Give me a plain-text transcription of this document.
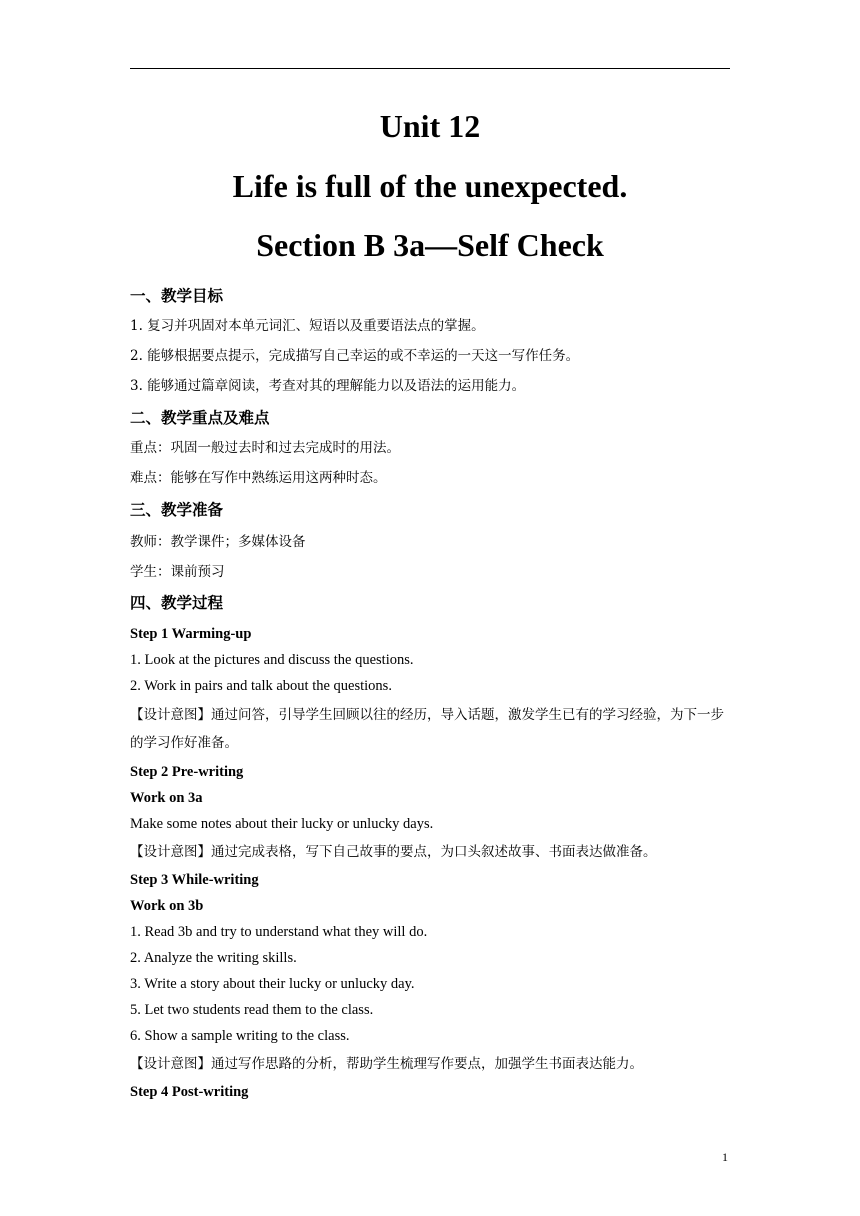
Unit 12
Life is full of the unexpected.
Section B 3a—Self Check
一、教学目标
1. 复习并巩固对本单元词汇、短语以及重要语法点的掌握。
2. 能够根据要点提示，完成描写自己幸运的或不幸运的一天这一写作任务。
3. 能够通过篇章阅读，考查对其的理解能力以及语法的运用能力。
二、教学重点及难点
重点：巩固一般过去时和过去完成时的用法。
难点：能够在写作中熟练运用这两种时态。
三、教学准备
教师：教学课件；多媒体设备
学生：课前预习
四、教学过程
Step 1 Warming-up
1. Look at the pictures and discuss the questions.
2. Work in pairs and talk about the questions.
【设计意图】通过问答，引导学生回顾以往的经历，导入话题，激发学生已有的学习经验，为下一步的学习作好准备。
Step 2 Pre-writing
Work on 3a
Make some notes about their lucky or unlucky days.
【设计意图】通过完成表格，写下自己故事的要点，为口头叙述故事、书面表达做准备。
Step 3 While-writing
Work on 3b
1. Read 3b and try to understand what they will do.
2. Analyze the writing skills.
3. Write a story about their lucky or unlucky day.
5. Let two students read them to the class.
6. Show a sample writing to the class.
【设计意图】通过写作思路的分析，帮助学生梳理写作要点，加强学生书面表达能力。
Step 4 Post-writing
1
